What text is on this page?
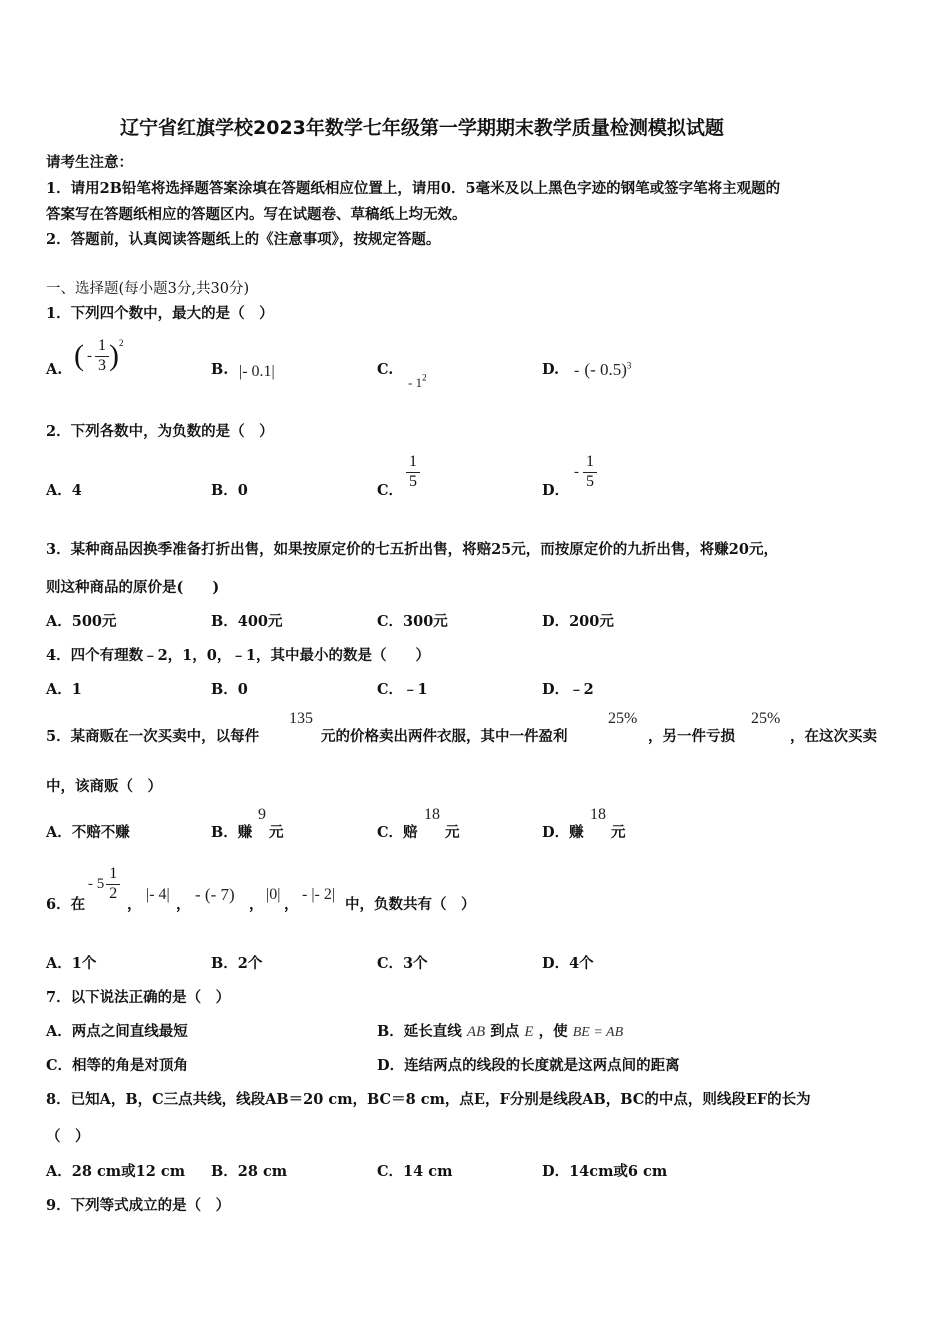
辽宁省红旗学校2023年数学七年级第一学期期末教学质量检测模拟试题
请考生注意：
1．请用2B铅笔将选择题答案涂填在答题纸相应位置上，请用0．5毫米及以上黑色字迹的钢笔或签字笔将主观题的
答案写在答题纸相应的答题区内。写在试题卷、草稿纸上均无效。
2．答题前，认真阅读答题纸上的《注意事项》，按规定答题。
一、选择题(每小题3分,共30分)
1．下列四个数中，最大的是（　）
A. ( - $\frac{1}{3} )^2$
B. |- 0.1|	C.
- $1^2$	D. - (- 0.5)$^3$
2．下列各数中，为负数的是（　）
A．4	B．0	C． $\frac{1}{5}$	D．
- $\frac{1}{5}$
3．某种商品因换季准备打折出售，如果按原定价的七五折出售，将赔25元，而按原定价的九折出售，将赚20元，
则这种商品的原价是(　　)
A．500元	B．400元	C．300元	D．200元
4．四个有理数﹣2，1，0，﹣1，其中最小的数是（　　）
A．1	B．0	C．﹣1	D．﹣2
5．某商贩在一次买卖中，以每件
135
元的价格卖出两件衣服，其中一件盈利
25%
，另一件亏损
25%
，在这次买卖
中，该商贩（　）
A．不赔不赚	B．赚
9
元	C．赔
18
元	D．赚
18
元
6．在
- $5 \frac{1}{2}$
，
|- 4|
，
- (- 7)
，
|0|
，
- |- 2|
中，负数共有（　）
A．1个	B．2个	C．3个	D．4个
7．以下说法正确的是（　）
A．两点之间直线最短	B．延长直线 AB 到点 E ，使 BE = AB
C．相等的角是对顶角	D．连结两点的线段的长度就是这两点间的距离
8．已知A，B，C三点共线，线段AB＝20 cm，BC＝8 cm，点E，F分别是线段AB，BC的中点，则线段EF的长为
（　）
A．28 cm或12 cm B．28 cm	C．14 cm	D．14cm或6 cm
9．下列等式成立的是（　）
